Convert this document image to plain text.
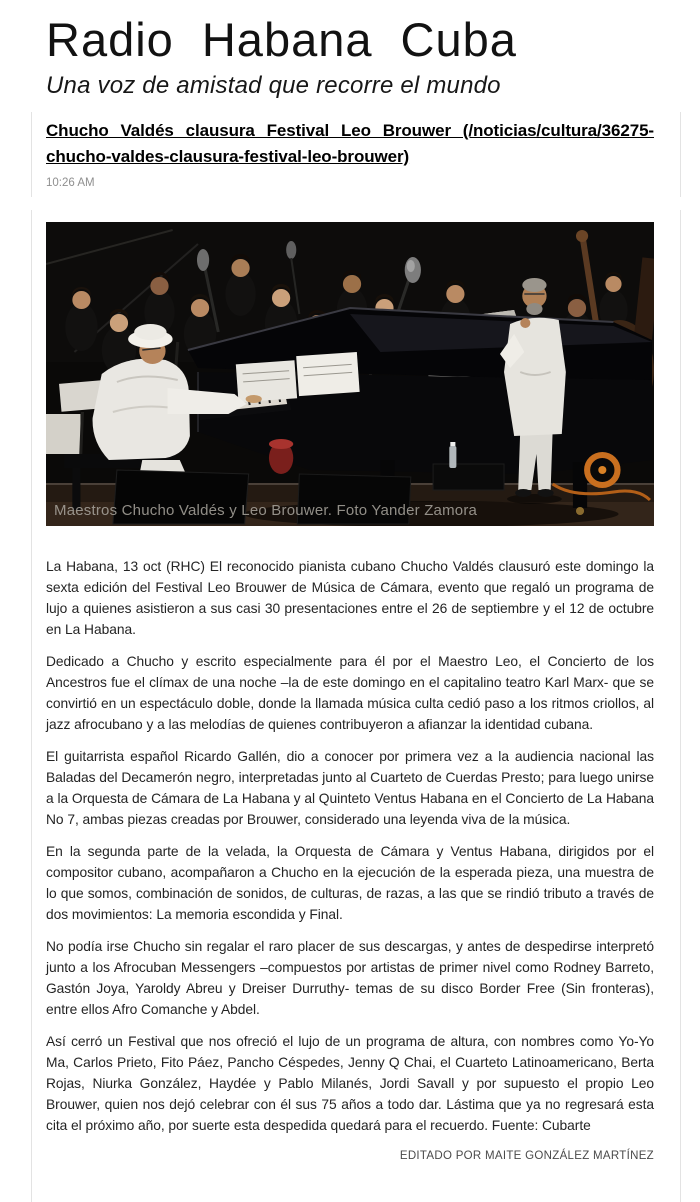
Radio Habana Cuba

Una voz de amistad que recorre el mundo

Chucho Valdés clausura Festival Leo Brouwer (/noticias/cultura/36275-chucho-valdes-clausura-festival-leo-brouwer)
10:26 AM
Maestros Chucho Valdés y Leo Brouwer. Foto Yander Zamora

La Habana, 13 oct (RHC) El reconocido pianista cubano Chucho Valdés clausuró este domingo la sexta edición del Festival Leo Brouwer de Música de Cámara, evento que regaló un programa de lujo a quienes asistieron a sus casi 30 presentaciones entre el 26 de septiembre y el 12 de octubre en La Habana.

Dedicado a Chucho y escrito especialmente para él por el Maestro Leo, el Concierto de los Ancestros fue el clímax de una noche –la de este domingo en el capitalino teatro Karl Marx- que se convirtió en un espectáculo doble, donde la llamada música culta cedió paso a los ritmos criollos, al jazz afrocubano y a las melodías de quienes contribuyeron a afianzar la identidad cubana.

El guitarrista español Ricardo Gallén, dio a conocer por primera vez a la audiencia nacional las Baladas del Decamerón negro, interpretadas junto al Cuarteto de Cuerdas Presto; para luego unirse a la Orquesta de Cámara de La Habana y al Quinteto Ventus Habana en el Concierto de La Habana No 7, ambas piezas creadas por Brouwer, considerado una leyenda viva de la música.

En la segunda parte de la velada, la Orquesta de Cámara y Ventus Habana, dirigidos por el compositor cubano, acompañaron a Chucho en la ejecución de la esperada pieza, una muestra de lo que somos, combinación de sonidos, de culturas, de razas, a las que se rindió tributo a través de dos movimientos: La memoria escondida y Final.

No podía irse Chucho sin regalar el raro placer de sus descargas, y antes de despedirse interpretó junto a los Afrocuban Messengers –compuestos por artistas de primer nivel como Rodney Barreto, Gastón Joya, Yaroldy Abreu y Dreiser Durruthy- temas de su disco Border Free (Sin fronteras), entre ellos Afro Comanche y Abdel.

Así cerró un Festival que nos ofreció el lujo de un programa de altura, con nombres como Yo-Yo Ma, Carlos Prieto, Fito Páez, Pancho Céspedes, Jenny Q Chai, el Cuarteto Latinoamericano, Berta Rojas, Niurka González, Haydée y Pablo Milanés, Jordi Savall y por supuesto el propio Leo Brouwer, quien nos dejó celebrar con él sus 75 años a todo dar. Lástima que ya no regresará esta cita el próximo año, por suerte esta despedida quedará para el recuerdo. Fuente: Cubarte

EDITADO POR MAITE GONZÁLEZ MARTÍNEZ
